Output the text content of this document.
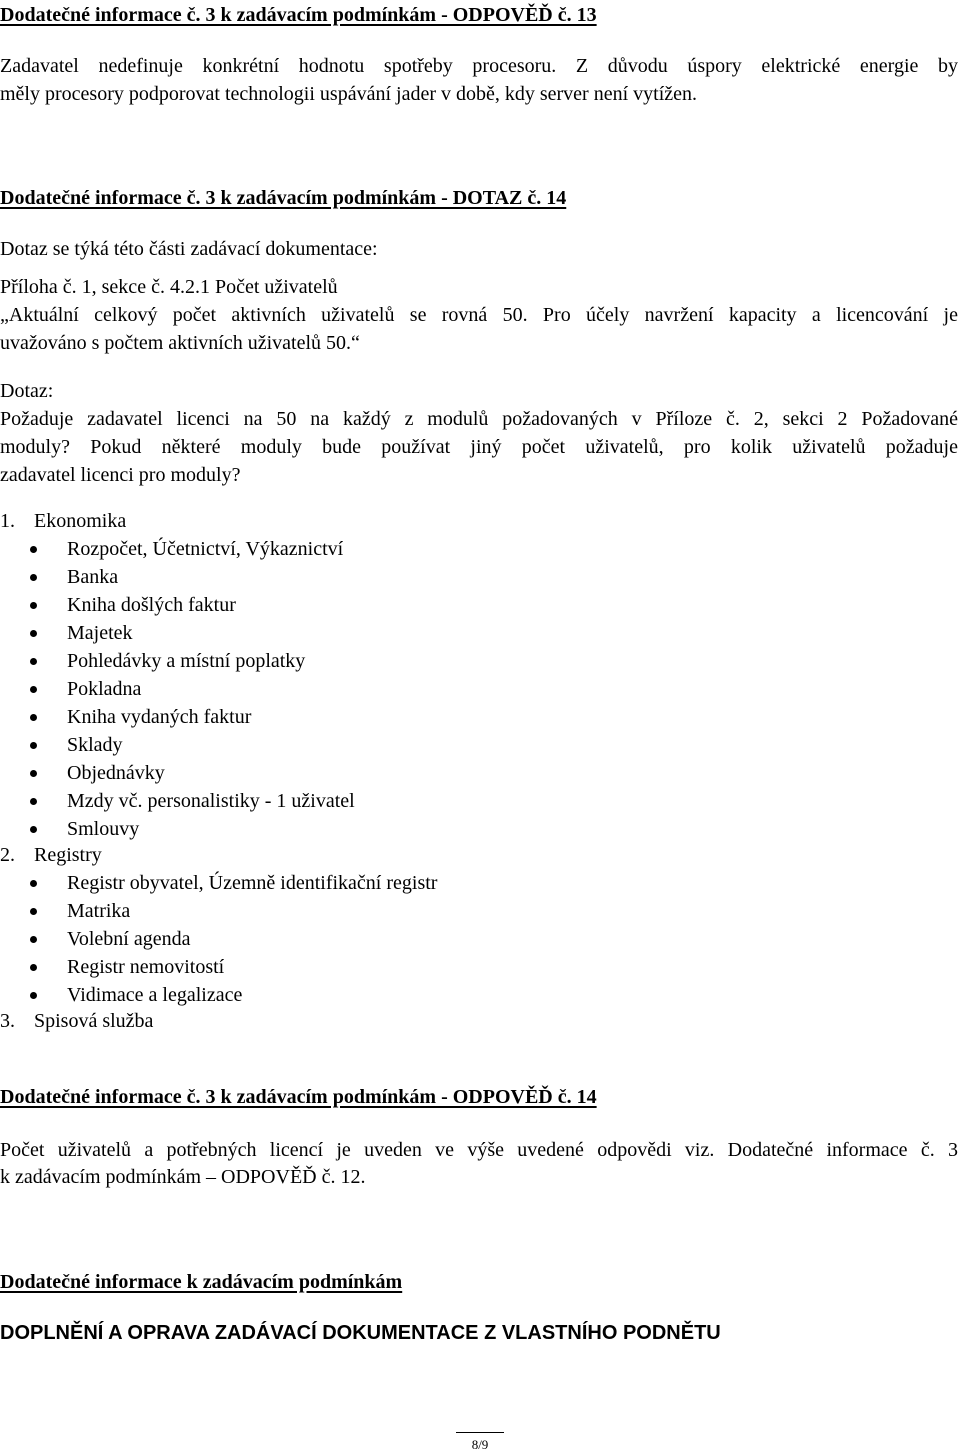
Dodatečné informace č. 3 k zadávacím podmínkám - ODPOVĚĎ č. 13
Zadavatel nedefinuje konkrétní hodnotu spotřeby procesoru. Z důvodu úspory elektrické energie by
měly procesory podporovat technologii uspávání jader v době, kdy server není vytížen.
Dodatečné informace č. 3 k zadávacím podmínkám - DOTAZ č. 14
Dotaz se týká této části zadávací dokumentace:
Příloha č. 1, sekce č. 4.2.1 Počet uživatelů
„Aktuální celkový počet aktivních uživatelů se rovná 50. Pro účely navržení kapacity a licencování je
uvažováno s počtem aktivních uživatelů 50.“
Dotaz:
Požaduje zadavatel licenci na 50 na každý z modulů požadovaných v Příloze č. 2, sekci 2 Požadované
moduly? Pokud některé moduly bude používat jiný počet uživatelů, pro kolik uživatelů požaduje
zadavatel licenci pro moduly?
1. Ekonomika
Rozpočet, Účetnictví, Výkaznictví
Banka
Kniha došlých faktur
Majetek
Pohledávky a místní poplatky
Pokladna
Kniha vydaných faktur
Sklady
Objednávky
Mzdy vč. personalistiky - 1 uživatel
Smlouvy
2. Registry
Registr obyvatel, Územně identifikační registr
Matrika
Volební agenda
Registr nemovitostí
Vidimace a legalizace
3. Spisová služba
Dodatečné informace č. 3 k zadávacím podmínkám - ODPOVĚĎ č. 14
Počet uživatelů a potřebných licencí je uveden ve výše uvedené odpovědi viz. Dodatečné informace č. 3
k zadávacím podmínkám – ODPOVĚĎ č. 12.
Dodatečné informace k zadávacím podmínkám
DOPLNĚNÍ A OPRAVA ZADÁVACÍ DOKUMENTACE Z VLASTNÍHO PODNĚTU
8/9
